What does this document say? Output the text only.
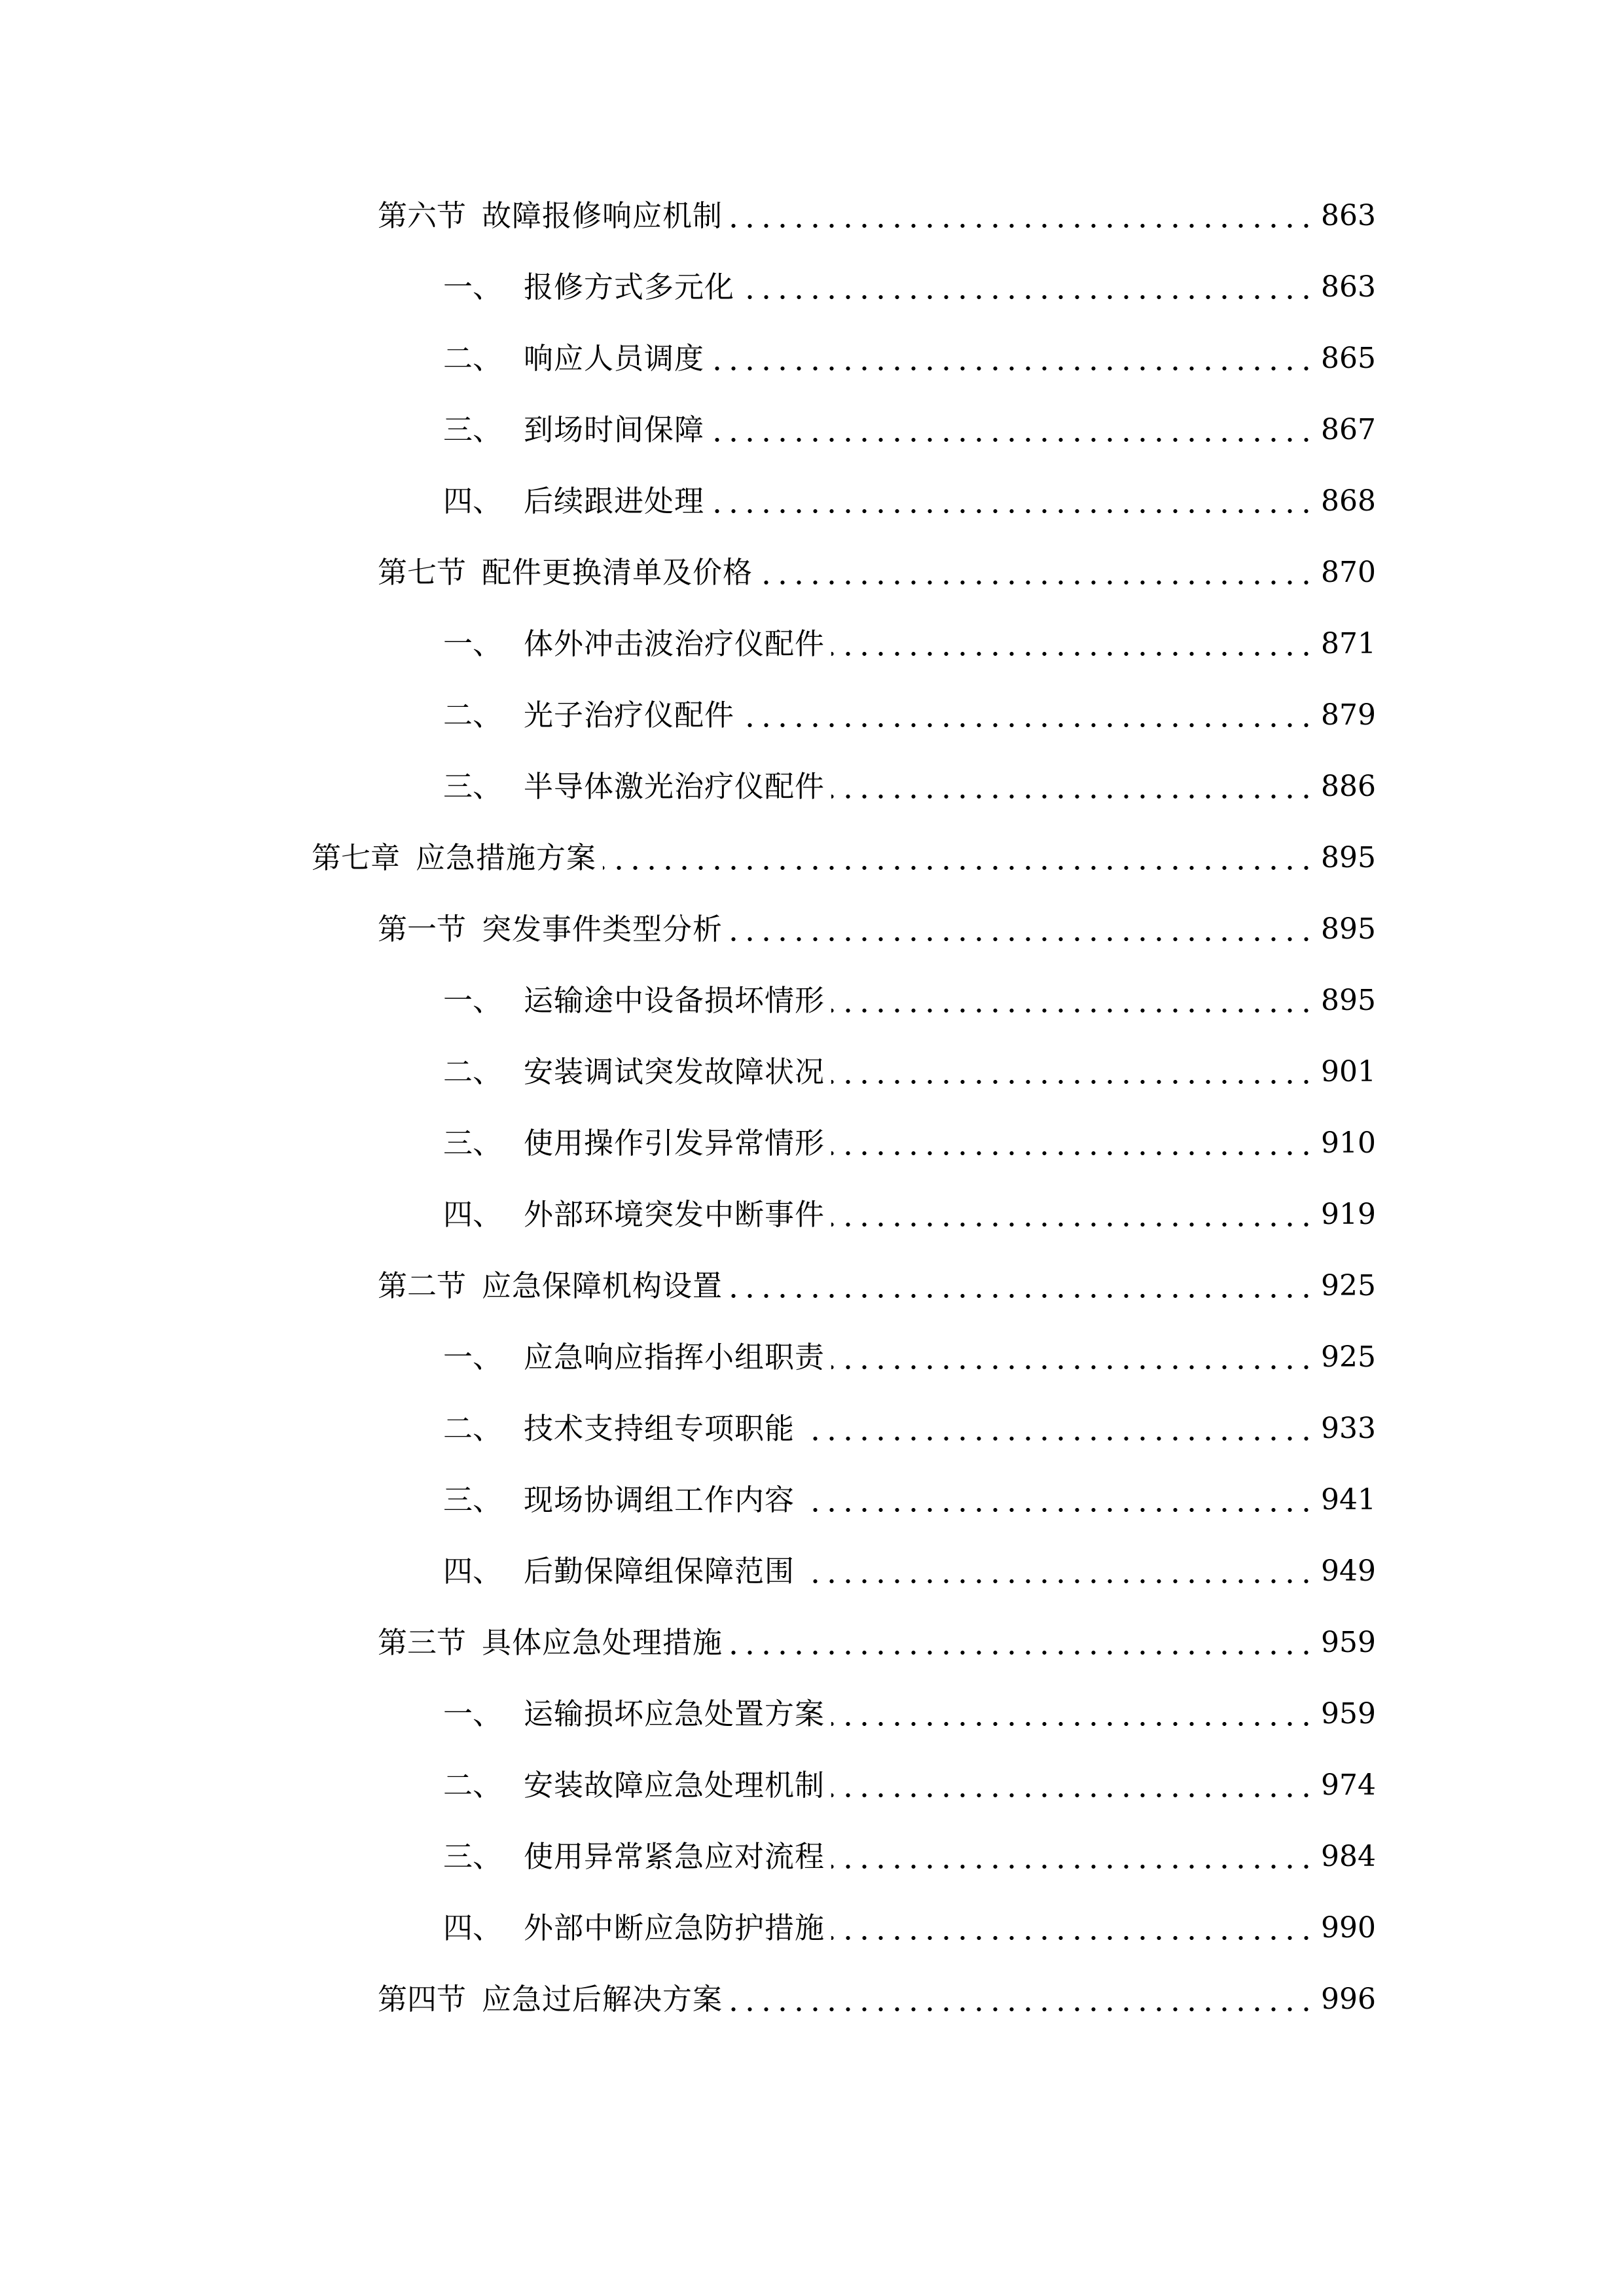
第六节 故障报修响应机制	863
一、 报修方式多元化	863
二、 响应人员调度	865
三、 到场时间保障	867
四、 后续跟进处理	868
第七节 配件更换清单及价格	870
一、 体外冲击波治疗仪配件	871
二、 光子治疗仪配件	879
三、 半导体激光治疗仪配件	886
第七章 应急措施方案	895
第一节 突发事件类型分析	895
一、 运输途中设备损坏情形	895
二、 安装调试突发故障状况	901
三、 使用操作引发异常情形	910
四、 外部环境突发中断事件	919
第二节 应急保障机构设置	925
一、 应急响应指挥小组职责	925
二、 技术支持组专项职能	933
三、 现场协调组工作内容	941
四、 后勤保障组保障范围	949
第三节 具体应急处理措施	959
一、 运输损坏应急处置方案	959
二、 安装故障应急处理机制	974
三、 使用异常紧急应对流程	984
四、 外部中断应急防护措施	990
第四节 应急过后解决方案	996
